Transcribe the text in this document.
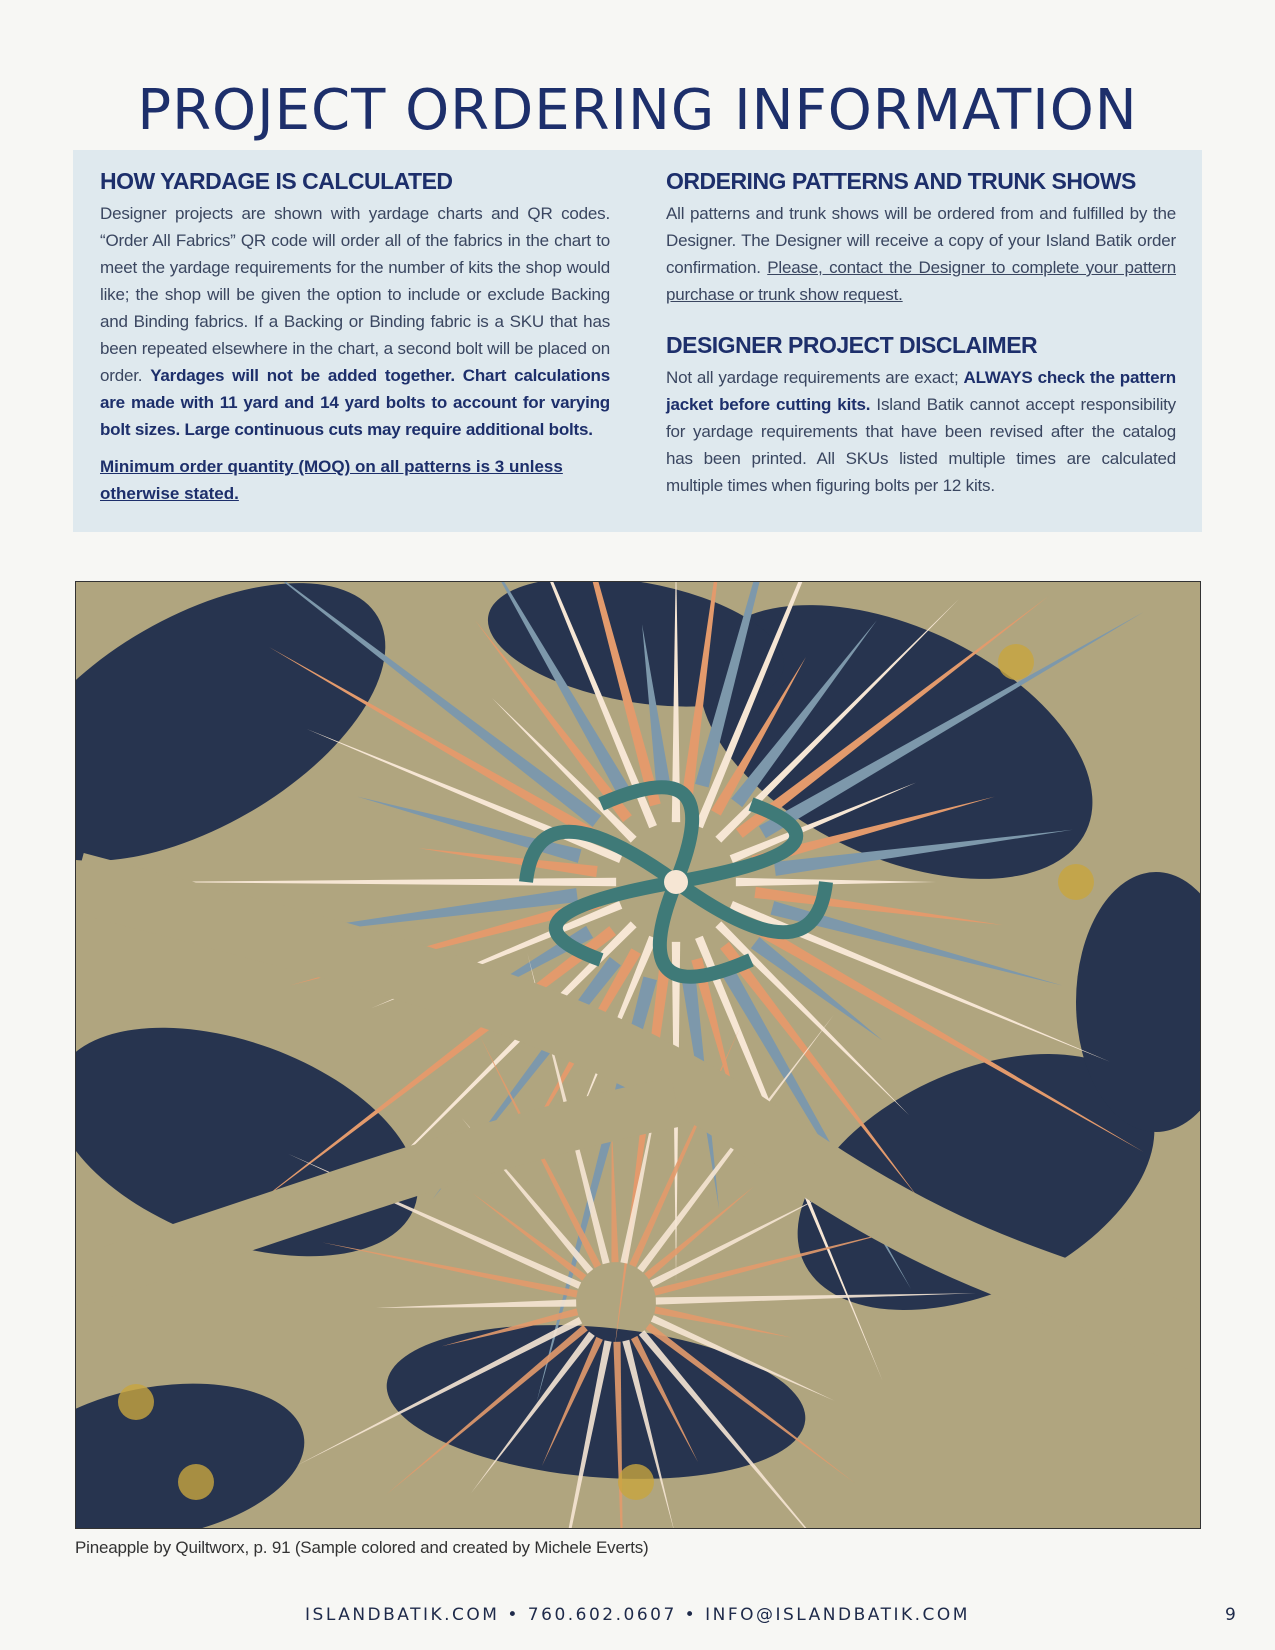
PROJECT ORDERING INFORMATION
HOW YARDAGE IS CALCULATED

Designer projects are shown with yardage charts and QR codes. “Order All Fabrics” QR code will order all of the fabrics in the chart to meet the yardage requirements for the number of kits the shop would like; the shop will be given the option to include or exclude Backing and Binding fabrics. If a Backing or Binding fabric is a SKU that has been repeated elsewhere in the chart, a second bolt will be placed on order. Yardages will not be added together. Chart calculations are made with 11 yard and 14 yard bolts to account for varying bolt sizes. Large continuous cuts may require additional bolts.

Minimum order quantity (MOQ) on all patterns is 3 unless otherwise stated.

ORDERING PATTERNS AND TRUNK SHOWS

All patterns and trunk shows will be ordered from and fulfilled by the Designer. The Designer will receive a copy of your Island Batik order confirmation. Please, contact the Designer to complete your pattern purchase or trunk show request.

DESIGNER PROJECT DISCLAIMER

Not all yardage requirements are exact; ALWAYS check the pattern jacket before cutting kits. Island Batik cannot accept responsibility for yardage requirements that have been revised after the catalog has been printed. All SKUs listed multiple times are calculated multiple times when figuring bolts per 12 kits.

Pineapple by Quiltworx, p. 91 (Sample colored and created by Michele Everts)

ISLANDBATIK.COM • 760.602.0607 • INFO@ISLANDBATIK.COM	9
